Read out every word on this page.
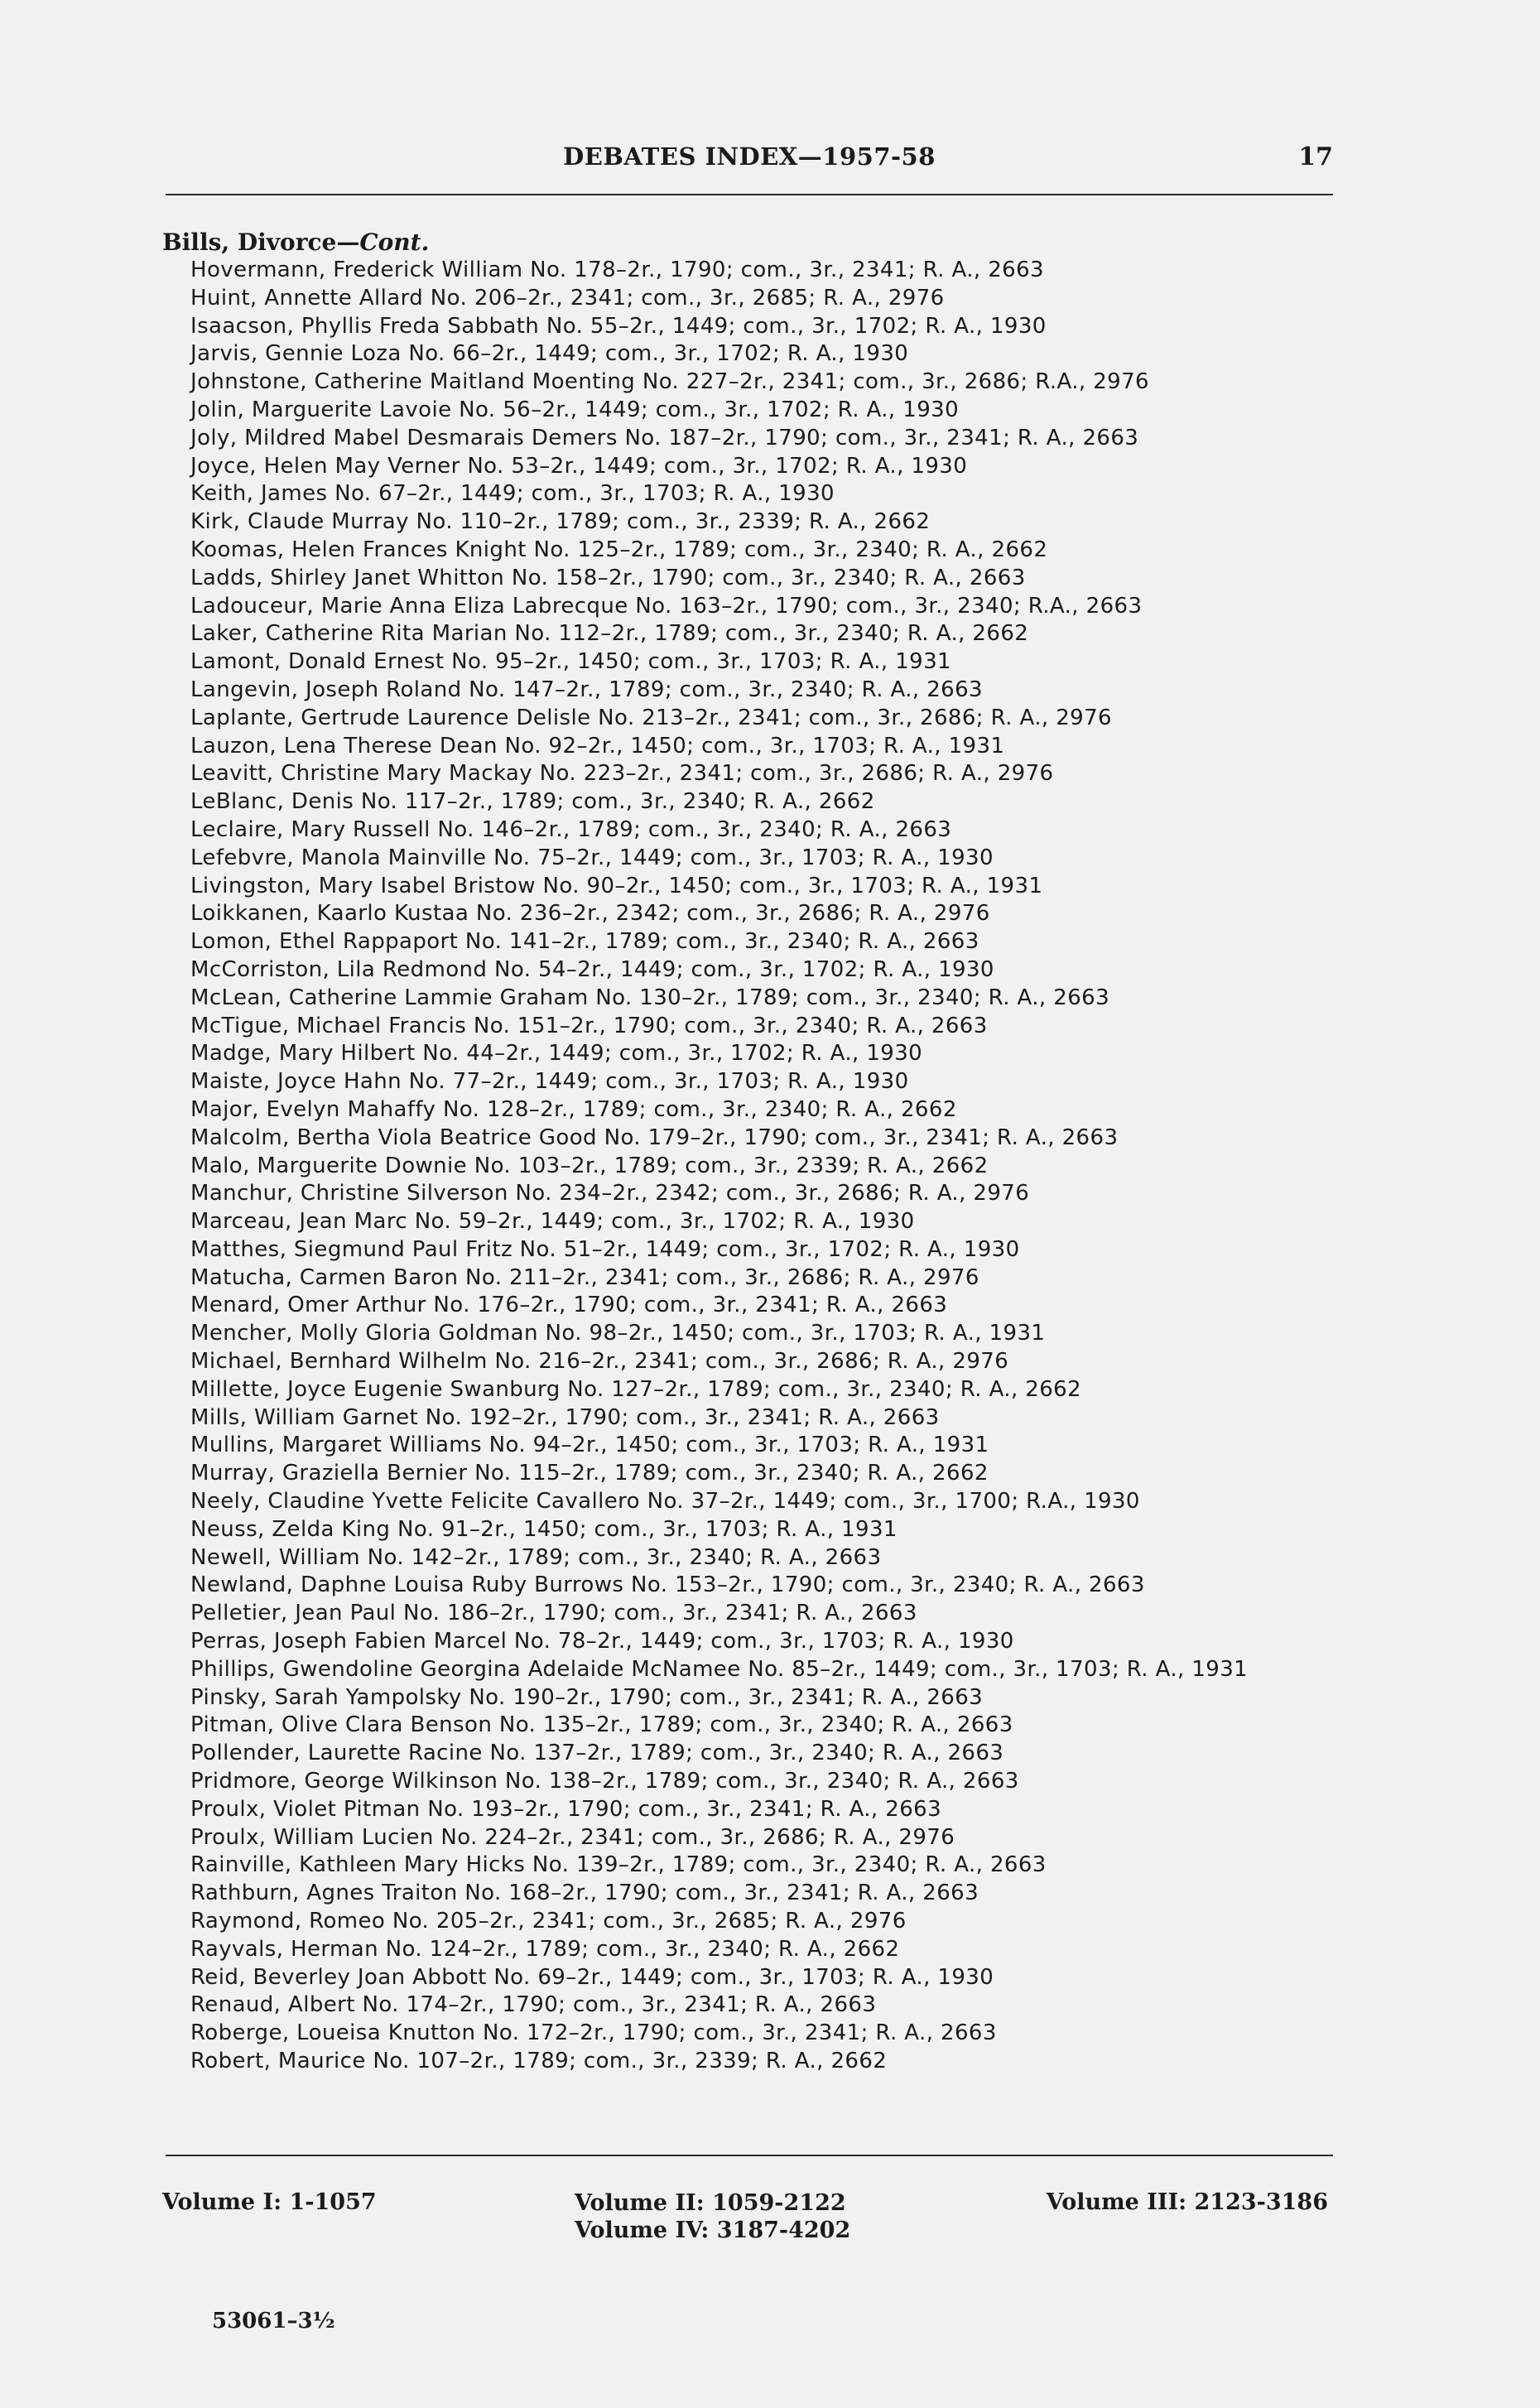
DEBATES INDEX—1957-58	17
Bills, Divorce—Cont.
Hovermann, Frederick William No. 178–2r., 1790; com., 3r., 2341; R. A., 2663
Huint, Annette Allard No. 206–2r., 2341; com., 3r., 2685; R. A., 2976
Isaacson, Phyllis Freda Sabbath No. 55–2r., 1449; com., 3r., 1702; R. A., 1930
Jarvis, Gennie Loza No. 66–2r., 1449; com., 3r., 1702; R. A., 1930
Johnstone, Catherine Maitland Moenting No. 227–2r., 2341; com., 3r., 2686; R.A., 2976
Jolin, Marguerite Lavoie No. 56–2r., 1449; com., 3r., 1702; R. A., 1930
Joly, Mildred Mabel Desmarais Demers No. 187–2r., 1790; com., 3r., 2341; R. A., 2663
Joyce, Helen May Verner No. 53–2r., 1449; com., 3r., 1702; R. A., 1930
Keith, James No. 67–2r., 1449; com., 3r., 1703; R. A., 1930
Kirk, Claude Murray No. 110–2r., 1789; com., 3r., 2339; R. A., 2662
Koomas, Helen Frances Knight No. 125–2r., 1789; com., 3r., 2340; R. A., 2662
Ladds, Shirley Janet Whitton No. 158–2r., 1790; com., 3r., 2340; R. A., 2663
Ladouceur, Marie Anna Eliza Labrecque No. 163–2r., 1790; com., 3r., 2340; R.A., 2663
Laker, Catherine Rita Marian No. 112–2r., 1789; com., 3r., 2340; R. A., 2662
Lamont, Donald Ernest No. 95–2r., 1450; com., 3r., 1703; R. A., 1931
Langevin, Joseph Roland No. 147–2r., 1789; com., 3r., 2340; R. A., 2663
Laplante, Gertrude Laurence Delisle No. 213–2r., 2341; com., 3r., 2686; R. A., 2976
Lauzon, Lena Therese Dean No. 92–2r., 1450; com., 3r., 1703; R. A., 1931
Leavitt, Christine Mary Mackay No. 223–2r., 2341; com., 3r., 2686; R. A., 2976
LeBlanc, Denis No. 117–2r., 1789; com., 3r., 2340; R. A., 2662
Leclaire, Mary Russell No. 146–2r., 1789; com., 3r., 2340; R. A., 2663
Lefebvre, Manola Mainville No. 75–2r., 1449; com., 3r., 1703; R. A., 1930
Livingston, Mary Isabel Bristow No. 90–2r., 1450; com., 3r., 1703; R. A., 1931
Loikkanen, Kaarlo Kustaa No. 236–2r., 2342; com., 3r., 2686; R. A., 2976
Lomon, Ethel Rappaport No. 141–2r., 1789; com., 3r., 2340; R. A., 2663
McCorriston, Lila Redmond No. 54–2r., 1449; com., 3r., 1702; R. A., 1930
McLean, Catherine Lammie Graham No. 130–2r., 1789; com., 3r., 2340; R. A., 2663
McTigue, Michael Francis No. 151–2r., 1790; com., 3r., 2340; R. A., 2663
Madge, Mary Hilbert No. 44–2r., 1449; com., 3r., 1702; R. A., 1930
Maiste, Joyce Hahn No. 77–2r., 1449; com., 3r., 1703; R. A., 1930
Major, Evelyn Mahaffy No. 128–2r., 1789; com., 3r., 2340; R. A., 2662
Malcolm, Bertha Viola Beatrice Good No. 179–2r., 1790; com., 3r., 2341; R. A., 2663
Malo, Marguerite Downie No. 103–2r., 1789; com., 3r., 2339; R. A., 2662
Manchur, Christine Silverson No. 234–2r., 2342; com., 3r., 2686; R. A., 2976
Marceau, Jean Marc No. 59–2r., 1449; com., 3r., 1702; R. A., 1930
Matthes, Siegmund Paul Fritz No. 51–2r., 1449; com., 3r., 1702; R. A., 1930
Matucha, Carmen Baron No. 211–2r., 2341; com., 3r., 2686; R. A., 2976
Menard, Omer Arthur No. 176–2r., 1790; com., 3r., 2341; R. A., 2663
Mencher, Molly Gloria Goldman No. 98–2r., 1450; com., 3r., 1703; R. A., 1931
Michael, Bernhard Wilhelm No. 216–2r., 2341; com., 3r., 2686; R. A., 2976
Millette, Joyce Eugenie Swanburg No. 127–2r., 1789; com., 3r., 2340; R. A., 2662
Mills, William Garnet No. 192–2r., 1790; com., 3r., 2341; R. A., 2663
Mullins, Margaret Williams No. 94–2r., 1450; com., 3r., 1703; R. A., 1931
Murray, Graziella Bernier No. 115–2r., 1789; com., 3r., 2340; R. A., 2662
Neely, Claudine Yvette Felicite Cavallero No. 37–2r., 1449; com., 3r., 1700; R.A., 1930
Neuss, Zelda King No. 91–2r., 1450; com., 3r., 1703; R. A., 1931
Newell, William No. 142–2r., 1789; com., 3r., 2340; R. A., 2663
Newland, Daphne Louisa Ruby Burrows No. 153–2r., 1790; com., 3r., 2340; R. A., 2663
Pelletier, Jean Paul No. 186–2r., 1790; com., 3r., 2341; R. A., 2663
Perras, Joseph Fabien Marcel No. 78–2r., 1449; com., 3r., 1703; R. A., 1930
Phillips, Gwendoline Georgina Adelaide McNamee No. 85–2r., 1449; com., 3r., 1703; R. A., 1931
Pinsky, Sarah Yampolsky No. 190–2r., 1790; com., 3r., 2341; R. A., 2663
Pitman, Olive Clara Benson No. 135–2r., 1789; com., 3r., 2340; R. A., 2663
Pollender, Laurette Racine No. 137–2r., 1789; com., 3r., 2340; R. A., 2663
Pridmore, George Wilkinson No. 138–2r., 1789; com., 3r., 2340; R. A., 2663
Proulx, Violet Pitman No. 193–2r., 1790; com., 3r., 2341; R. A., 2663
Proulx, William Lucien No. 224–2r., 2341; com., 3r., 2686; R. A., 2976
Rainville, Kathleen Mary Hicks No. 139–2r., 1789; com., 3r., 2340; R. A., 2663
Rathburn, Agnes Traiton No. 168–2r., 1790; com., 3r., 2341; R. A., 2663
Raymond, Romeo No. 205–2r., 2341; com., 3r., 2685; R. A., 2976
Rayvals, Herman No. 124–2r., 1789; com., 3r., 2340; R. A., 2662
Reid, Beverley Joan Abbott No. 69–2r., 1449; com., 3r., 1703; R. A., 1930
Renaud, Albert No. 174–2r., 1790; com., 3r., 2341; R. A., 2663
Roberge, Loueisa Knutton No. 172–2r., 1790; com., 3r., 2341; R. A., 2663
Robert, Maurice No. 107–2r., 1789; com., 3r., 2339; R. A., 2662
Volume I: 1-1057	Volume II: 1059-2122
Volume IV: 3187-4202
Volume III: 2123-3186
53061–3½
